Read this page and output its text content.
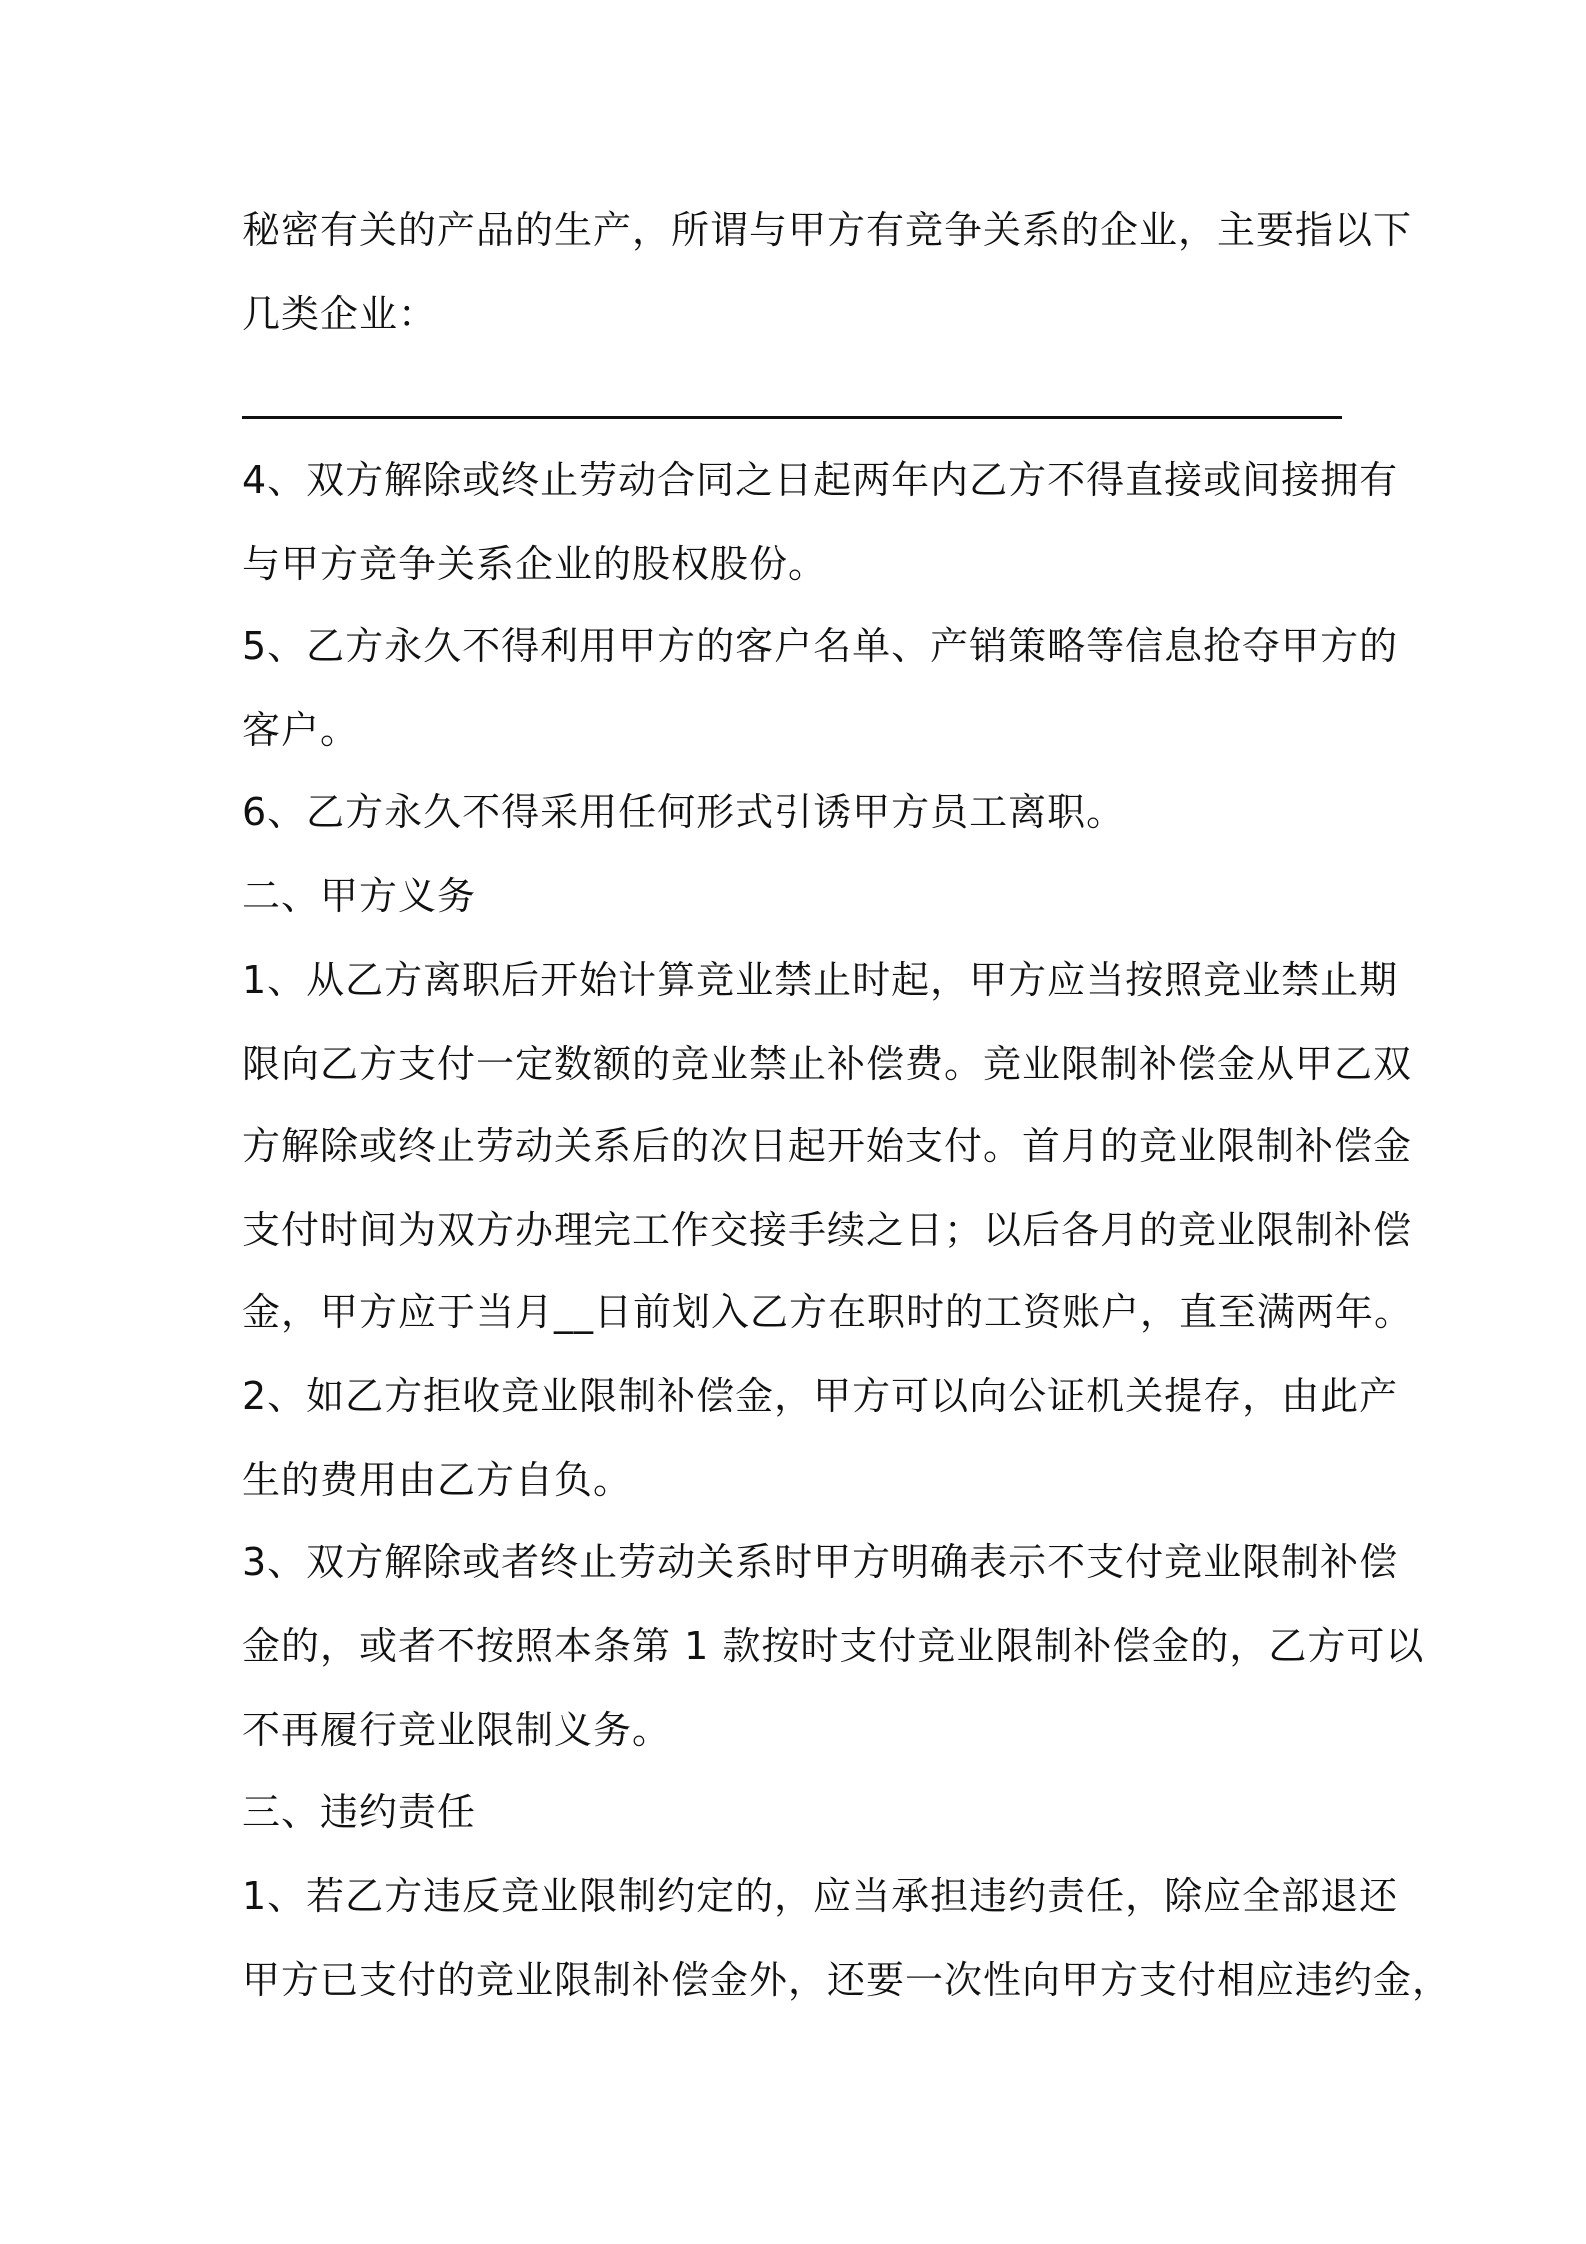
秘密有关的产品的生产，所谓与甲方有竞争关系的企业，主要指以下
几类企业：
4、双方解除或终止劳动合同之日起两年内乙方不得直接或间接拥有
与甲方竞争关系企业的股权股份。
5、乙方永久不得利用甲方的客户名单、产销策略等信息抢夺甲方的
客户。
6、乙方永久不得采用任何形式引诱甲方员工离职。
二、甲方义务
1、从乙方离职后开始计算竞业禁止时起，甲方应当按照竞业禁止期
限向乙方支付一定数额的竞业禁止补偿费。竞业限制补偿金从甲乙双
方解除或终止劳动关系后的次日起开始支付。首月的竞业限制补偿金
支付时间为双方办理完工作交接手续之日；以后各月的竞业限制补偿
金，甲方应于当月__日前划入乙方在职时的工资账户，直至满两年。
2、如乙方拒收竞业限制补偿金，甲方可以向公证机关提存，由此产
生的费用由乙方自负。
3、双方解除或者终止劳动关系时甲方明确表示不支付竞业限制补偿
金的，或者不按照本条第 1 款按时支付竞业限制补偿金的，乙方可以
不再履行竞业限制义务。
三、违约责任
1、若乙方违反竞业限制约定的，应当承担违约责任，除应全部退还
甲方已支付的竞业限制补偿金外，还要一次性向甲方支付相应违约金，
